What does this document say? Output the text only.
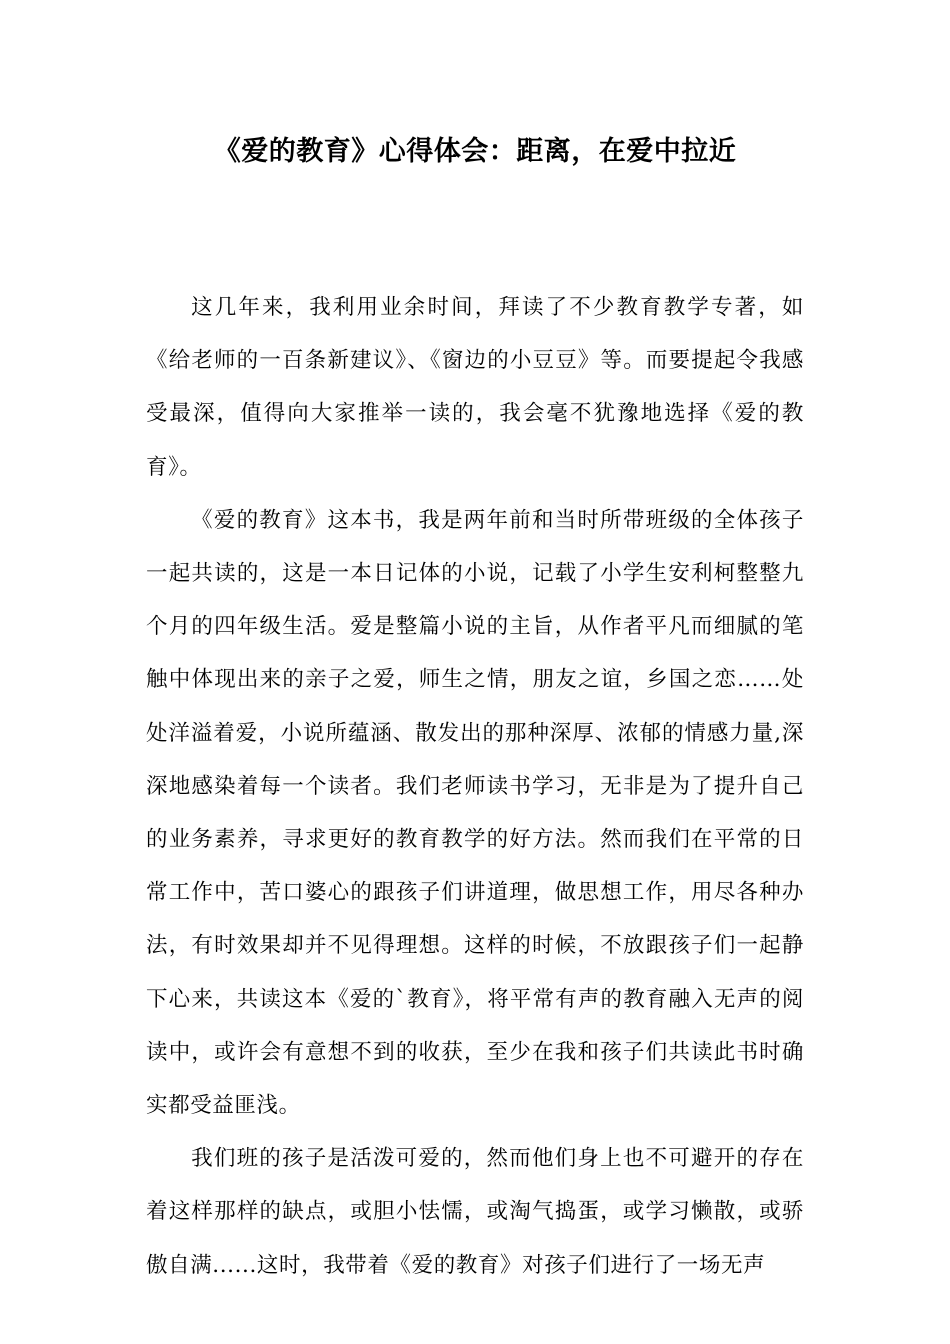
《爱的教育》心得体会：距离，在爱中拉近

这几年来，我利用业余时间，拜读了不少教育教学专著，如《给老师的一百条新建议》、《窗边的小豆豆》等。而要提起令我感受最深，值得向大家推举一读的，我会毫不犹豫地选择《爱的教育》。

《爱的教育》这本书，我是两年前和当时所带班级的全体孩子一起共读的，这是一本日记体的小说，记载了小学生安利柯整整九个月的四年级生活。爱是整篇小说的主旨，从作者平凡而细腻的笔触中体现出来的亲子之爱，师生之情，朋友之谊，乡国之恋……处处洋溢着爱，小说所蕴涵、散发出的那种深厚、浓郁的情感力量,深深地感染着每一个读者。我们老师读书学习，无非是为了提升自己的业务素养，寻求更好的教育教学的好方法。然而我们在平常的日常工作中，苦口婆心的跟孩子们讲道理，做思想工作，用尽各种办法，有时效果却并不见得理想。这样的时候，不放跟孩子们一起静下心来，共读这本《爱的`教育》，将平常有声的教育融入无声的阅读中，或许会有意想不到的收获，至少在我和孩子们共读此书时确实都受益匪浅。

我们班的孩子是活泼可爱的，然而他们身上也不可避开的存在着这样那样的缺点，或胆小怯懦，或淘气捣蛋，或学习懒散，或骄傲自满......这时，我带着《爱的教育》对孩子们进行了一场无声
